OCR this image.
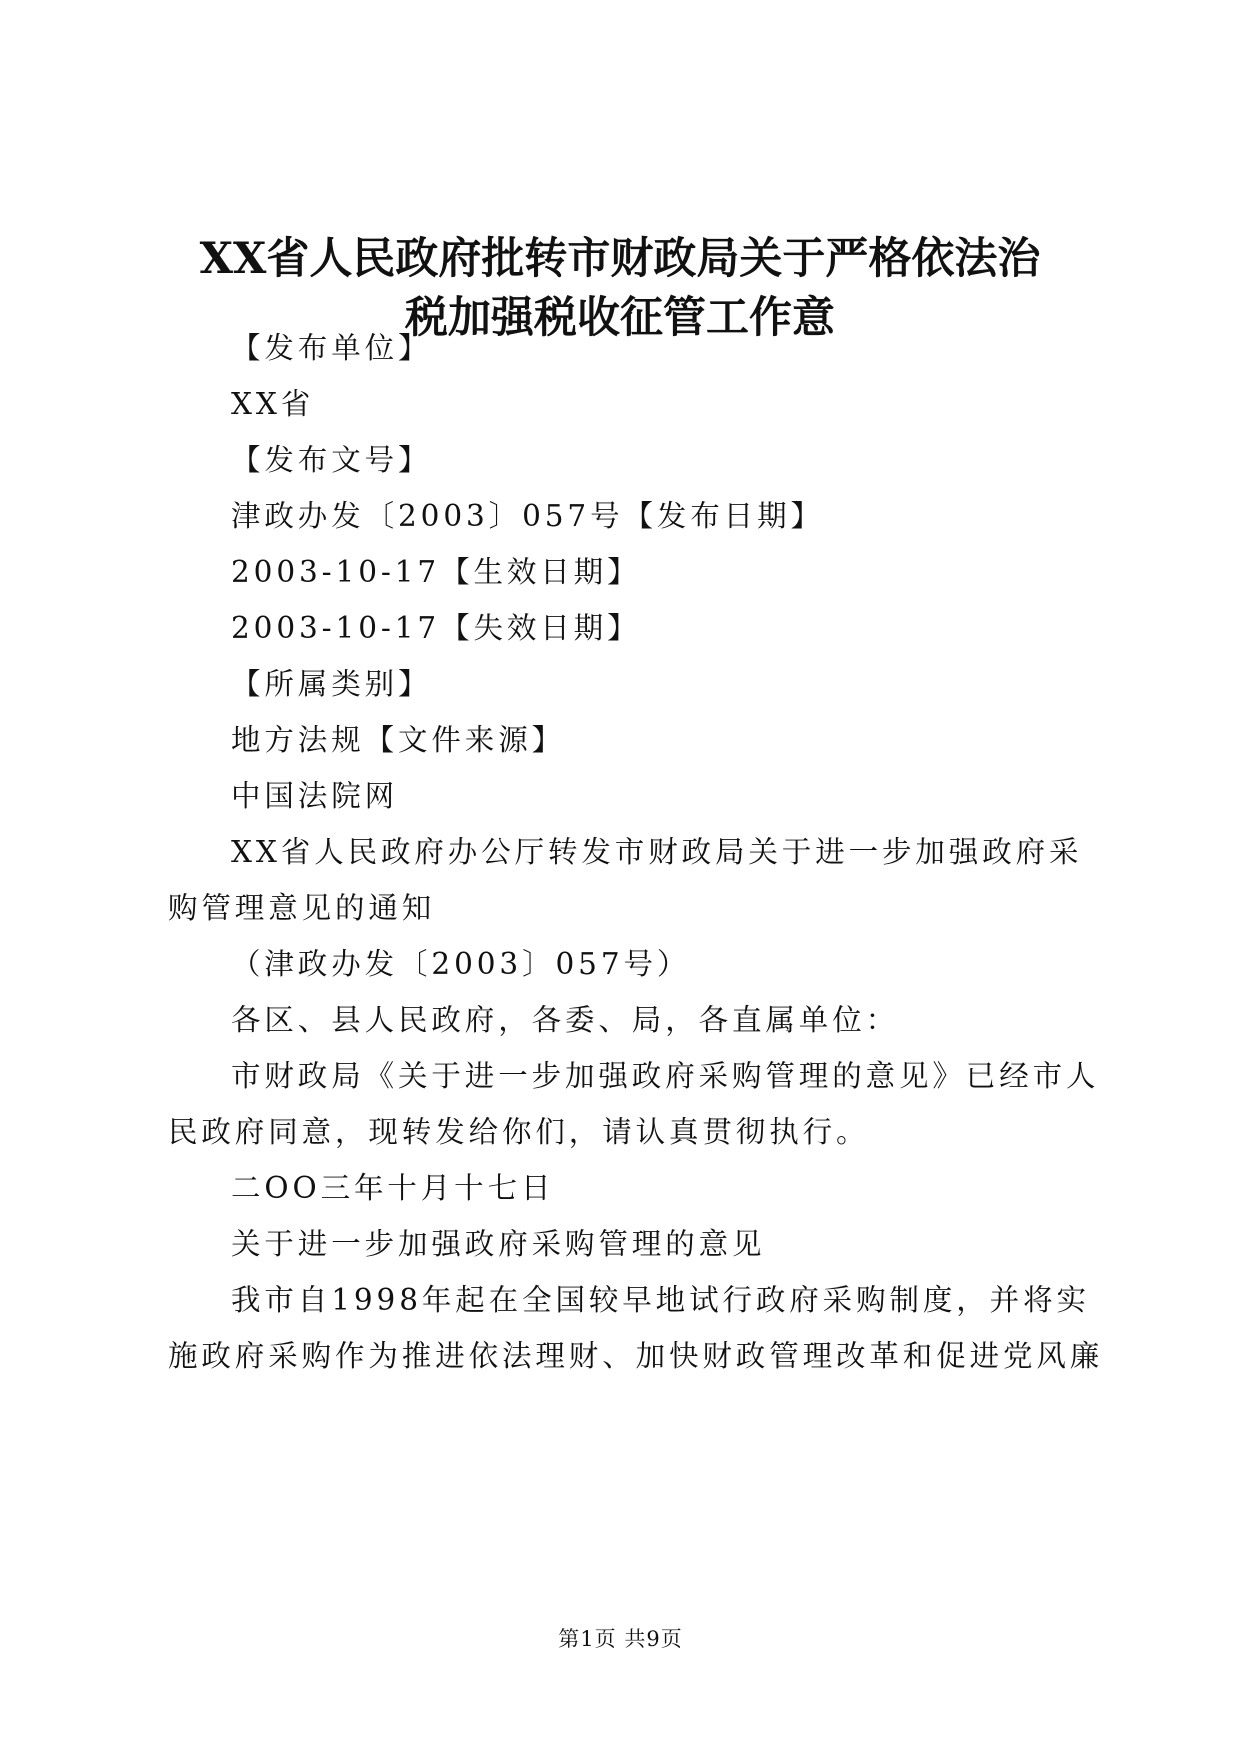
XX省人民政府批转市财政局关于严格依法治
税加强税收征管工作意
【发布单位】
XX省
【发布文号】
津政办发〔2003〕057号【发布日期】
2003-10-17【生效日期】
2003-10-17【失效日期】
【所属类别】
地方法规【文件来源】
中国法院网
XX省人民政府办公厅转发市财政局关于进一步加强政府采
购管理意见的通知
（津政办发〔2003〕057号）
各区、县人民政府，各委、局，各直属单位：
市财政局《关于进一步加强政府采购管理的意见》已经市人
民政府同意，现转发给你们，请认真贯彻执行。
二OO三年十月十七日
关于进一步加强政府采购管理的意见
我市自1998年起在全国较早地试行政府采购制度，并将实
施政府采购作为推进依法理财、加快财政管理改革和促进党风廉
第1页 共9页
